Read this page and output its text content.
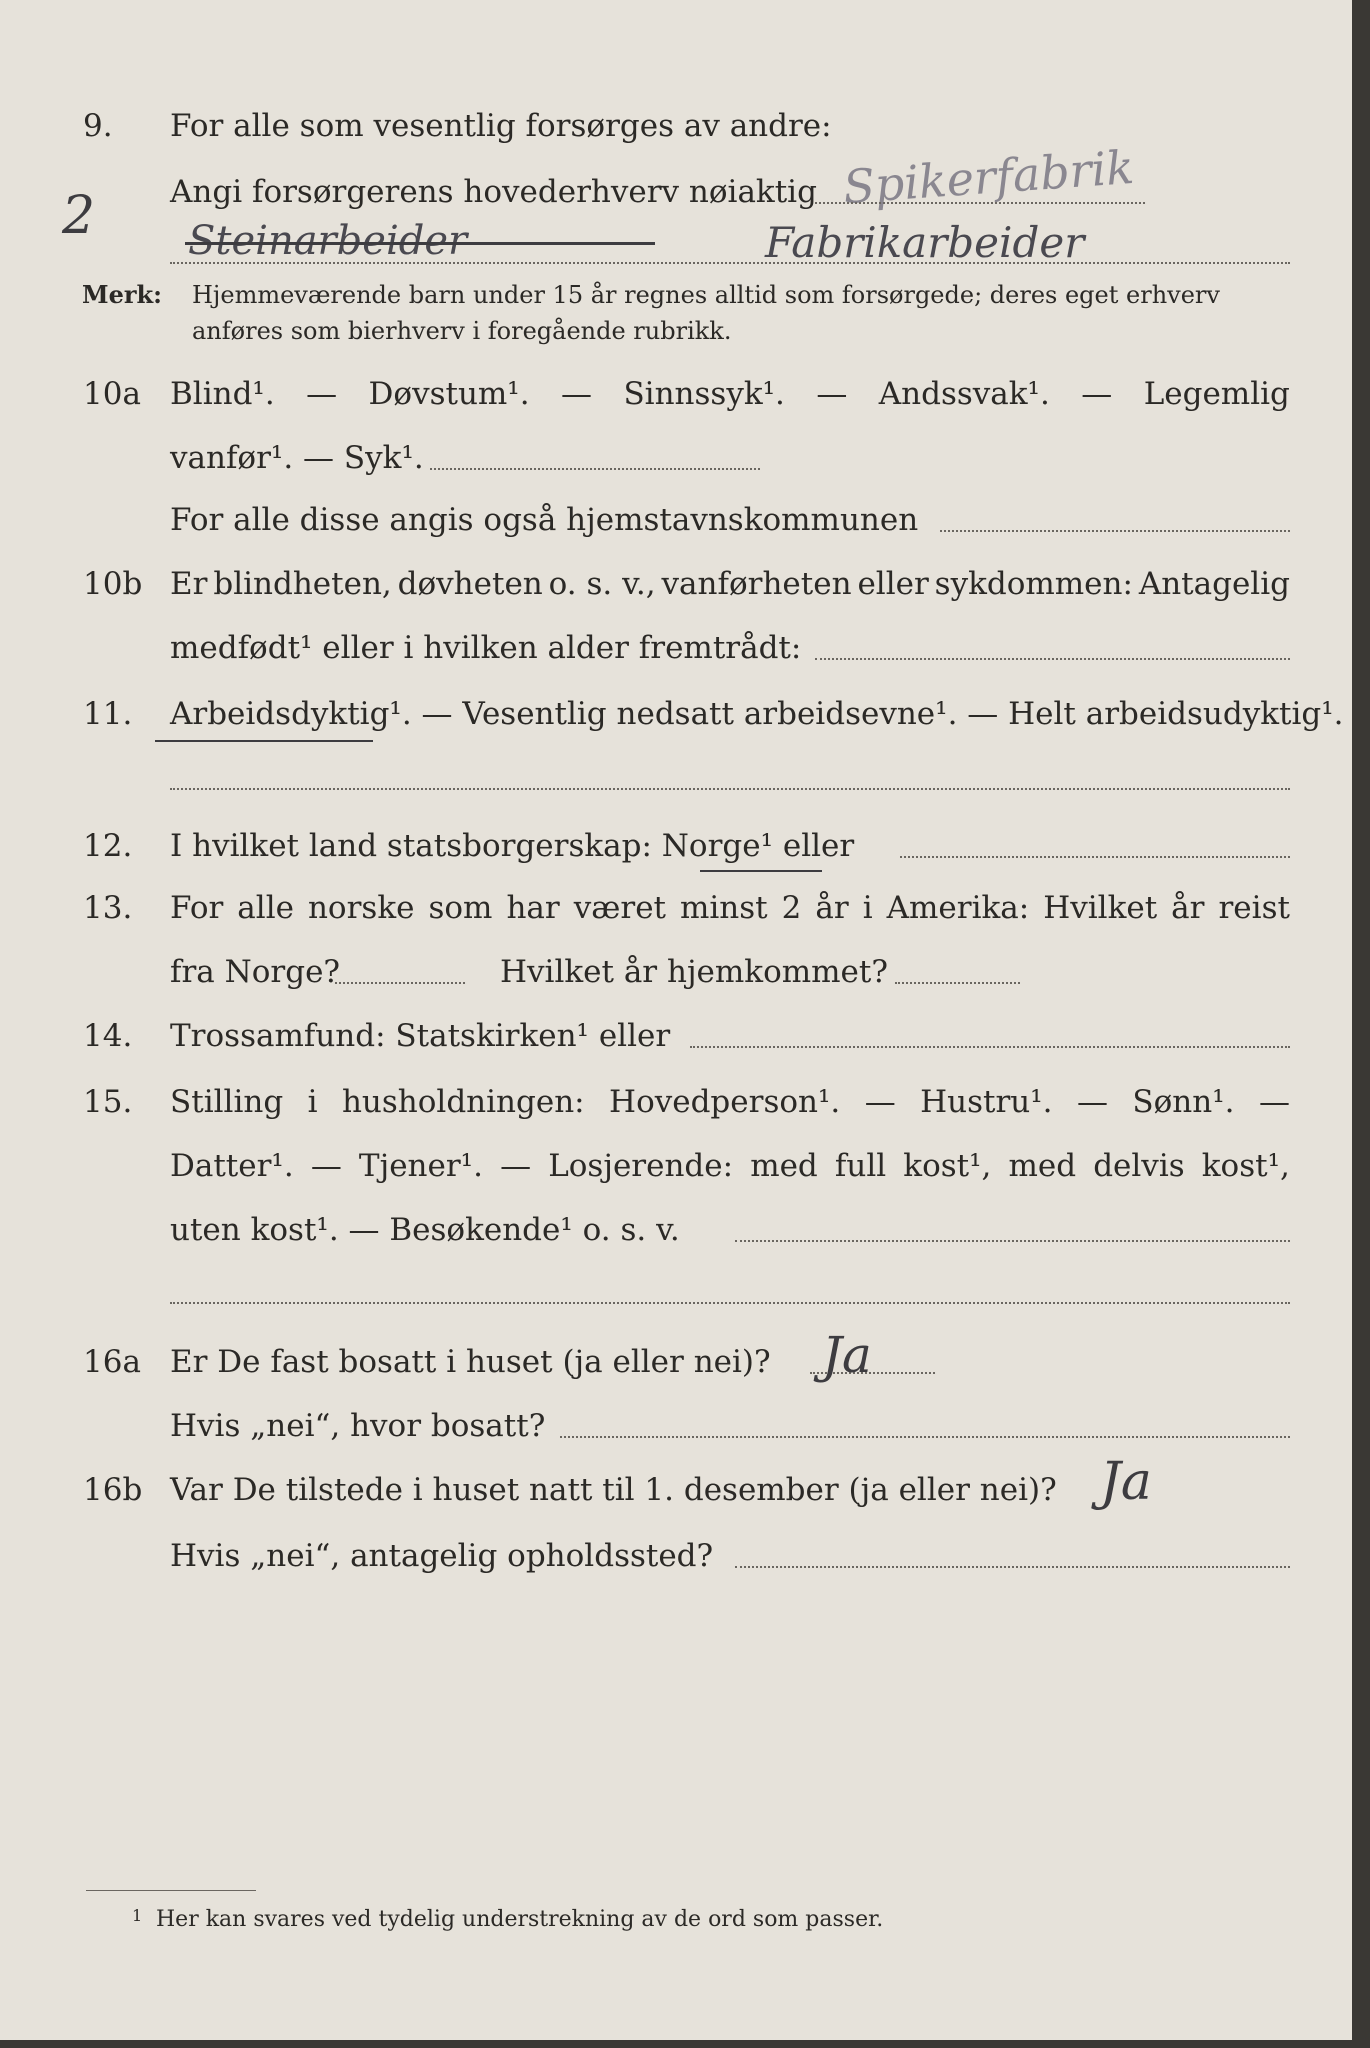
9. For alle som vesentlig forsørges av andre:
Spikerfabrik
Angi forsørgerens hovederhverv nøiaktig
2 Steinarbeider	Fabrikarbeider
Merk: Hjemmeværende barn under 15 år regnes alltid som forsørgede; deres eget erhverv
anføres som bierhverv i foregående rubrikk.
10a Blind¹. — Døvstum¹. — Sinnssyk¹. — Andssvak¹. — Legemlig
vanfør¹. — Syk¹.
For alle disse angis også hjemstavnskommunen
10b Er blindheten, døvheten o. s. v., vanførheten eller sykdommen: Antagelig
medfødt¹ eller i hvilken alder fremtrådt:
11. Arbeidsdyktig¹. — Vesentlig nedsatt arbeidsevne¹. — Helt arbeidsudyktig¹.
12. I hvilket land statsborgerskap: Norge¹ eller
13. For alle norske som har været minst 2 år i Amerika: Hvilket år reist
fra Norge?	Hvilket år hjemkommet?
14. Trossamfund: Statskirken¹ eller
15. Stilling i husholdningen: Hovedperson¹. — Hustru¹. — Sønn¹. —
Datter¹. — Tjener¹. — Losjerende: med full kost¹, med delvis kost¹,
uten kost¹. — Besøkende¹ o. s. v.
16a Er De fast bosatt i huset (ja eller nei)? Ja
Hvis „nei“, hvor bosatt?
16b Var De tilstede i huset natt til 1. desember (ja eller nei)? Ja
Hvis „nei“, antagelig opholdssted?
1 Her kan svares ved tydelig understrekning av de ord som passer.
